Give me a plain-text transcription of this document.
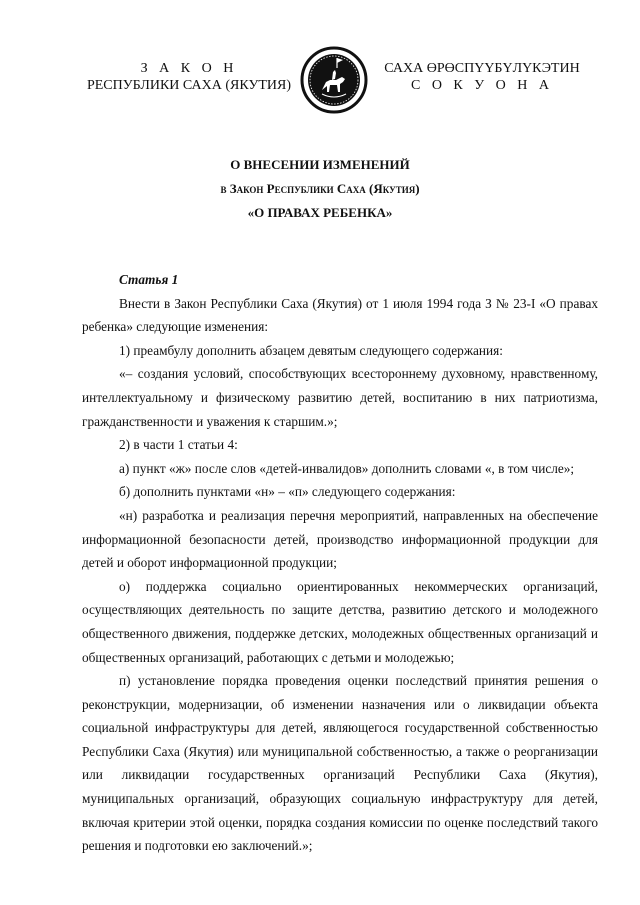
З А К О Н
РЕСПУБЛИКИ САХА (ЯКУТИЯ)
САХА ӨРӨСПҮҮБҮЛҮКЭТИН
С О К У О Н А
О ВНЕСЕНИИ ИЗМЕНЕНИЙ
в Закон Республики Саха (Якутия)
«О ПРАВАХ РЕБЕНКА»

Статья 1

Внести в Закон Республики Саха (Якутия) от 1 июля 1994 года З № 23-I «О правах ребенка» следующие изменения:

1) преамбулу дополнить абзацем девятым следующего содержания:

«– создания условий, способствующих всестороннему духовному, нравственному, интеллектуальному и физическому развитию детей, воспитанию в них патриотизма, гражданственности и уважения к старшим.»;

2) в части 1 статьи 4:

а) пункт «ж» после слов «детей-инвалидов» дополнить словами «, в том числе»;

б) дополнить пунктами «н» – «п» следующего содержания:

«н) разработка и реализация перечня мероприятий, направленных на обеспечение информационной безопасности детей, производство информационной продукции для детей и оборот информационной продукции;

о) поддержка социально ориентированных некоммерческих организаций, осуществляющих деятельность по защите детства, развитию детского и молодежного общественного движения, поддержке детских, молодежных общественных организаций и общественных организаций, работающих с детьми и молодежью;

п) установление порядка проведения оценки последствий принятия решения о реконструкции, модернизации, об изменении назначения или о ликвидации объекта социальной инфраструктуры для детей, являющегося государственной собственностью Республики Саха (Якутия) или муниципальной собственностью, а также о реорганизации или ликвидации государственных организаций Республики Саха (Якутия), муниципальных организаций, образующих социальную инфраструктуру для детей, включая критерии этой оценки, порядка создания комиссии по оценке последствий такого решения и подготовки ею заключений.»;
